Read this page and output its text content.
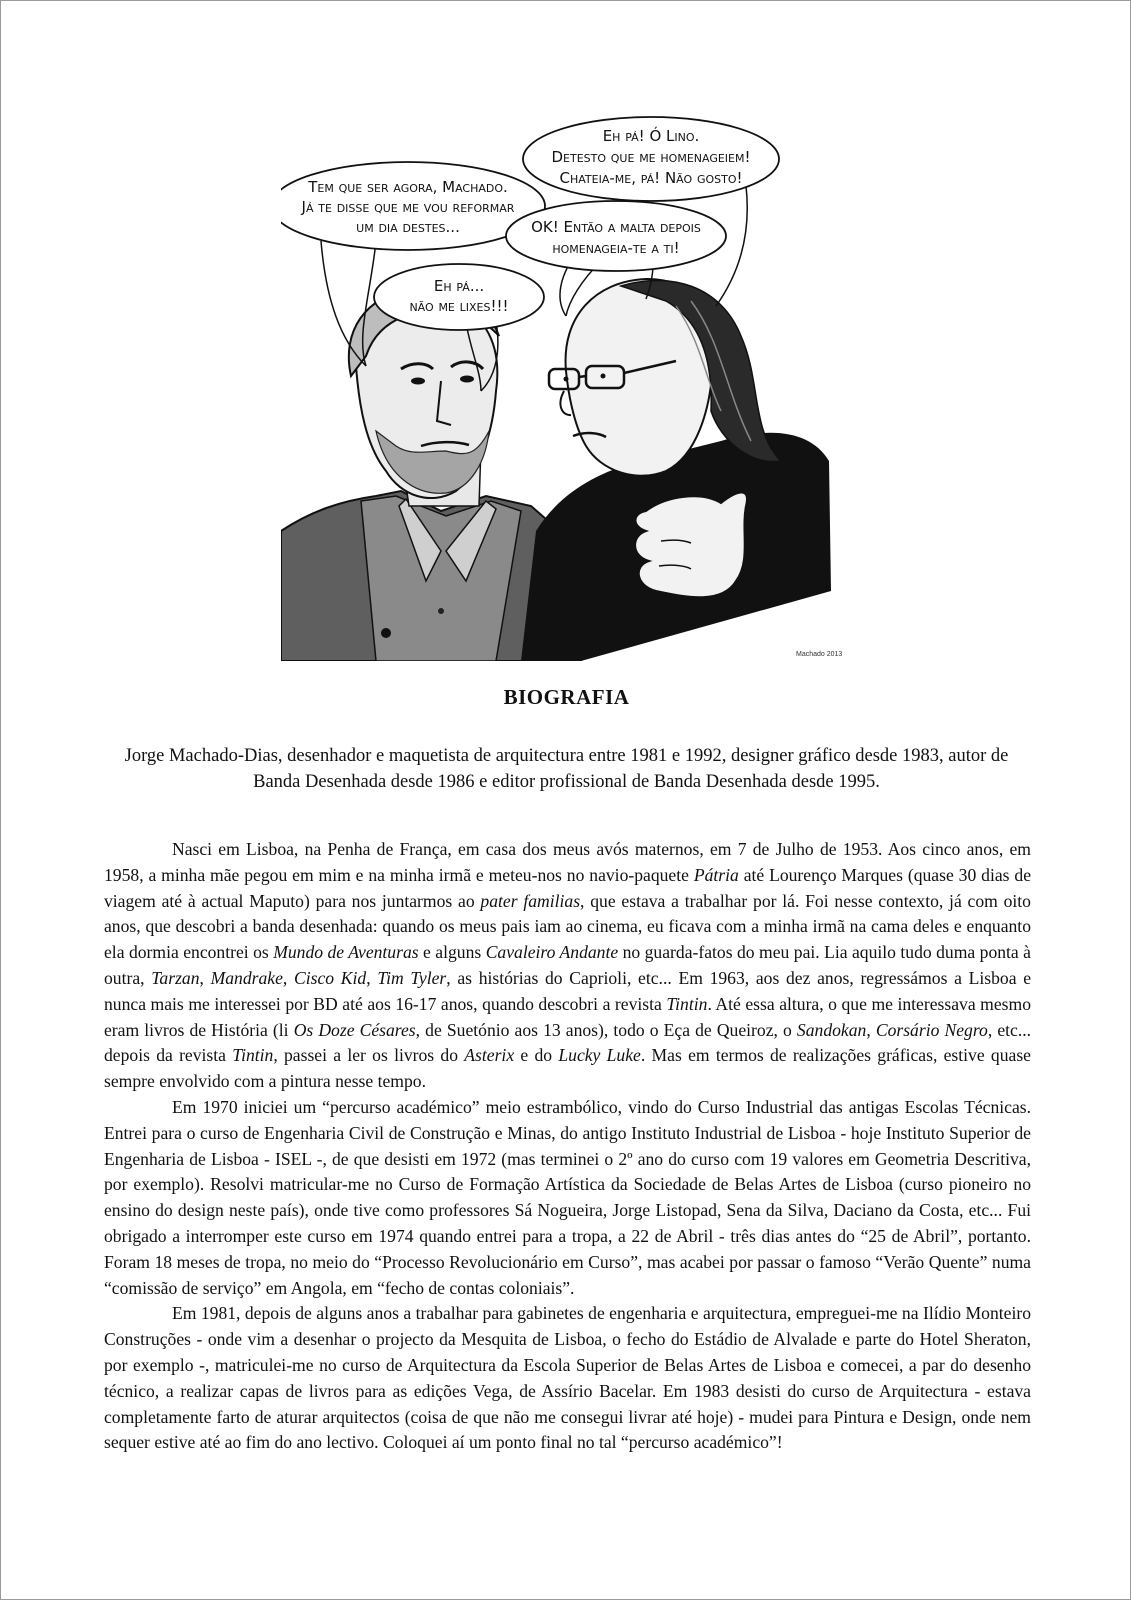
Eh pá! Ó Lino.
Detesto que me homenageiem!
Chateia-me, pá! Não gosto!
Tem que ser agora, Machado.
Já te disse que me vou reformar
um dia destes...	OK! Então a malta depois
homenageia-te a ti!
Eh pá...
não me lixes!!!
Machado 2013
BIOGRAFIA
Jorge Machado-Dias, desenhador e maquetista de arquitectura entre 1981 e 1992, designer gráfico desde 1983, autor de Banda Desenhada desde 1986 e editor profissional de Banda Desenhada desde 1995.

Nasci em Lisboa, na Penha de França, em casa dos meus avós maternos, em 7 de Julho de 1953. Aos cinco anos, em 1958, a minha mãe pegou em mim e na minha irmã e meteu-nos no navio-paquete Pátria até Lourenço Marques (quase 30 dias de viagem até à actual Maputo) para nos juntarmos ao pater familias, que estava a trabalhar por lá. Foi nesse contexto, já com oito anos, que descobri a banda desenhada: quando os meus pais iam ao cinema, eu ficava com a minha irmã na cama deles e enquanto ela dormia encontrei os Mundo de Aventuras e alguns Cavaleiro Andante no guarda-fatos do meu pai. Lia aquilo tudo duma ponta à outra, Tarzan, Mandrake, Cisco Kid, Tim Tyler, as histórias do Caprioli, etc... Em 1963, aos dez anos, regressámos a Lisboa e nunca mais me interessei por BD até aos 16-17 anos, quando descobri a revista Tintin. Até essa altura, o que me interessava mesmo eram livros de História (li Os Doze Césares, de Suetónio aos 13 anos), todo o Eça de Queiroz, o Sandokan, Corsário Negro, etc... depois da revista Tintin, passei a ler os livros do Asterix e do Lucky Luke. Mas em termos de realizações gráficas, estive quase sempre envolvido com a pintura nesse tempo.

Em 1970 iniciei um “percurso académico” meio estrambólico, vindo do Curso Industrial das antigas Escolas Técnicas. Entrei para o curso de Engenharia Civil de Construção e Minas, do antigo Instituto Industrial de Lisboa - hoje Instituto Superior de Engenharia de Lisboa - ISEL -, de que desisti em 1972 (mas terminei o 2º ano do curso com 19 valores em Geometria Descritiva, por exemplo). Resolvi matricular-me no Curso de Formação Artística da Sociedade de Belas Artes de Lisboa (curso pioneiro no ensino do design neste país), onde tive como professores Sá Nogueira, Jorge Listopad, Sena da Silva, Daciano da Costa, etc... Fui obrigado a interromper este curso em 1974 quando entrei para a tropa, a 22 de Abril - três dias antes do “25 de Abril”, portanto. Foram 18 meses de tropa, no meio do “Processo Revolucionário em Curso”, mas acabei por passar o famoso “Verão Quente” numa “comissão de serviço” em Angola, em “fecho de contas coloniais”.

Em 1981, depois de alguns anos a trabalhar para gabinetes de engenharia e arquitectura, empreguei-me na Ilídio Monteiro Construções - onde vim a desenhar o projecto da Mesquita de Lisboa, o fecho do Estádio de Alvalade e parte do Hotel Sheraton, por exemplo -, matriculei-me no curso de Arquitectura da Escola Superior de Belas Artes de Lisboa e comecei, a par do desenho técnico, a realizar capas de livros para as edições Vega, de Assírio Bacelar. Em 1983 desisti do curso de Arquitectura - estava completamente farto de aturar arquitectos (coisa de que não me consegui livrar até hoje) - mudei para Pintura e Design, onde nem sequer estive até ao fim do ano lectivo. Coloquei aí um ponto final no tal “percurso académico”!
